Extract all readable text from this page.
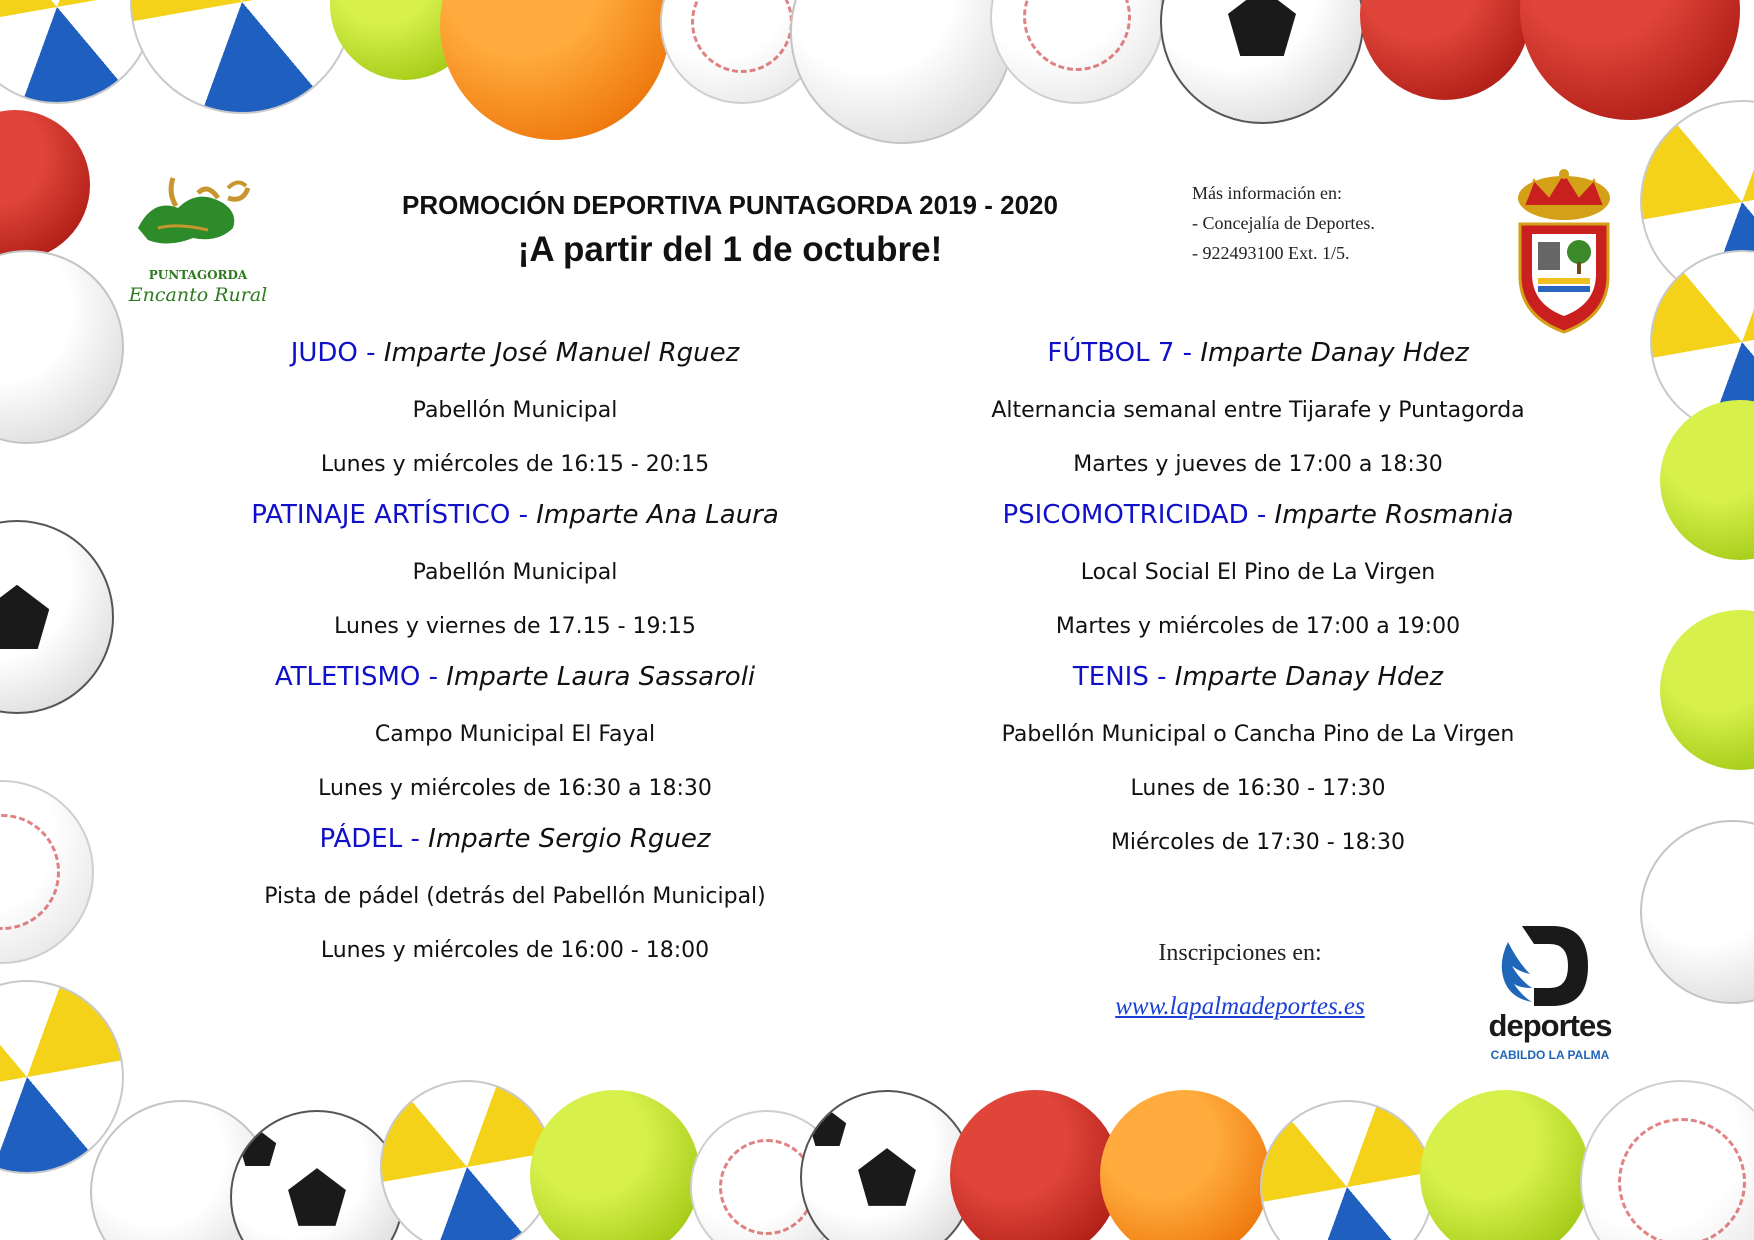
PUNTAGORDA
Encanto Rural
PROMOCIÓN DEPORTIVA PUNTAGORDA 2019 - 2020
¡A partir del 1 de octubre!
Más información en:
- Concejalía de Deportes.
- 922493100 Ext. 1/5.
JUDO - Imparte José Manuel Rguez
Pabellón Municipal
Lunes y miércoles de 16:15 - 20:15
PATINAJE ARTÍSTICO - Imparte Ana Laura
Pabellón Municipal
Lunes y viernes de 17.15 - 19:15
ATLETISMO - Imparte Laura Sassaroli
Campo Municipal El Fayal
Lunes y miércoles de 16:30 a 18:30
PÁDEL - Imparte Sergio Rguez
Pista de pádel (detrás del Pabellón Municipal)
Lunes y miércoles de 16:00 - 18:00
FÚTBOL 7 - Imparte Danay Hdez
Alternancia semanal entre Tijarafe y Puntagorda
Martes y jueves de 17:00 a 18:30
PSICOMOTRICIDAD - Imparte Rosmania
Local Social El Pino de La Virgen
Martes y miércoles de 17:00 a 19:00
TENIS - Imparte Danay Hdez
Pabellón Municipal o Cancha Pino de La Virgen
Lunes de 16:30 - 17:30
Miércoles de 17:30 - 18:30
Inscripciones en:
www.lapalmadeportes.es
deportes
CABILDO LA PALMA
